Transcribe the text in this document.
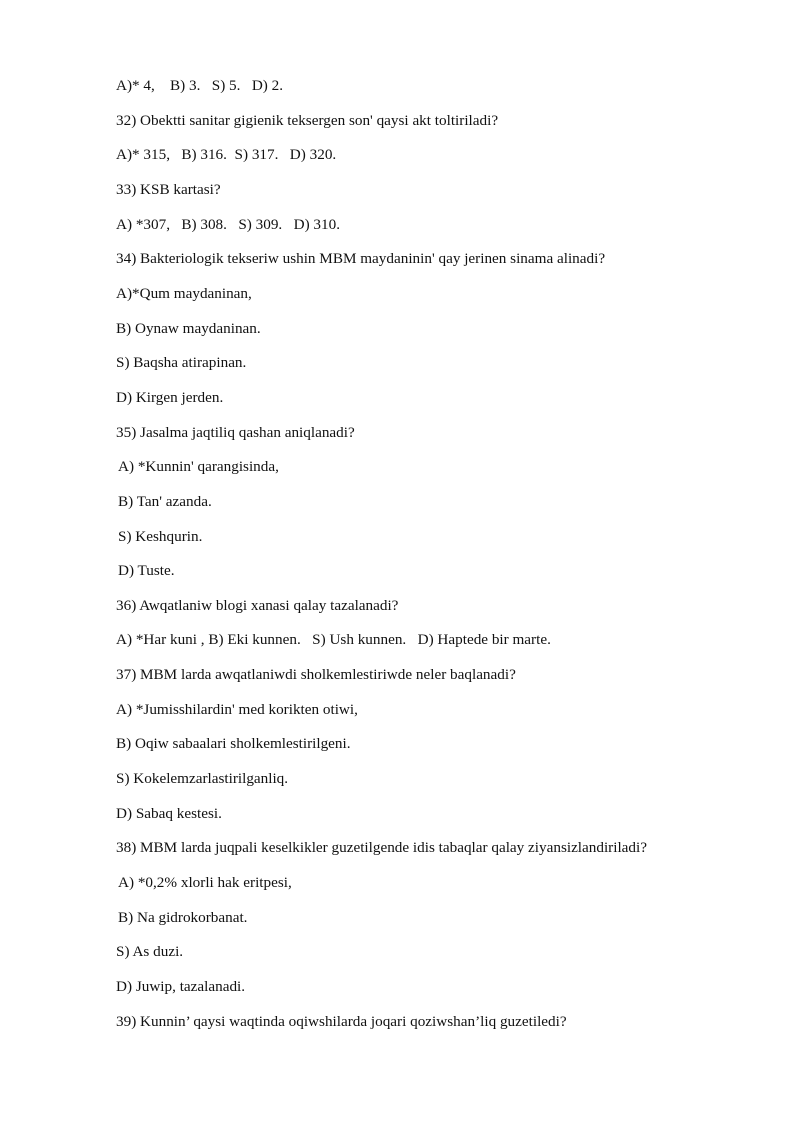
A)* 4,    B) 3.   S) 5.   D) 2.
32) Obektti sanitar gigienik teksergen son' qaysi akt toltiriladi?
A)* 315,   B) 316.  S) 317.   D) 320.
33) KSB kartasi?
A) *307,   B) 308.   S) 309.   D) 310.
34) Bakteriologik tekseriw ushin MBM maydaninin' qay jerinen sinama alinadi?
A)*Qum maydaninan,
B) Oynaw maydaninan.
S) Baqsha atirapinan.
D) Kirgen jerden.
35) Jasalma jaqtiliq qashan aniqlanadi?
A) *Kunnin' qarangisinda,
B) Tan' azanda.
S) Keshqurin.
D) Tuste.
36) Awqatlaniw blogi xanasi qalay tazalanadi?
A) *Har kuni , B) Eki kunnen.   S) Ush kunnen.   D) Haptede bir marte.
37) MBM larda awqatlaniwdi sholkemlestiriwde neler baqlanadi?
A) *Jumisshilardin' med korikten otiwi,
B) Oqiw sabaalari sholkemlestirilgeni.
S) Kokelemzarlastirilganliq.
D) Sabaq kestesi.
38) MBM larda juqpali keselkikler guzetilgende idis tabaqlar qalay ziyansizlandiriladi?
A) *0,2% xlorli hak eritpesi,
B) Na gidrokorbanat.
S) As duzi.
D) Juwip, tazalanadi.
39) Kunnin’ qaysi waqtinda oqiwshilarda joqari qoziwshan’liq guzetiledi?
